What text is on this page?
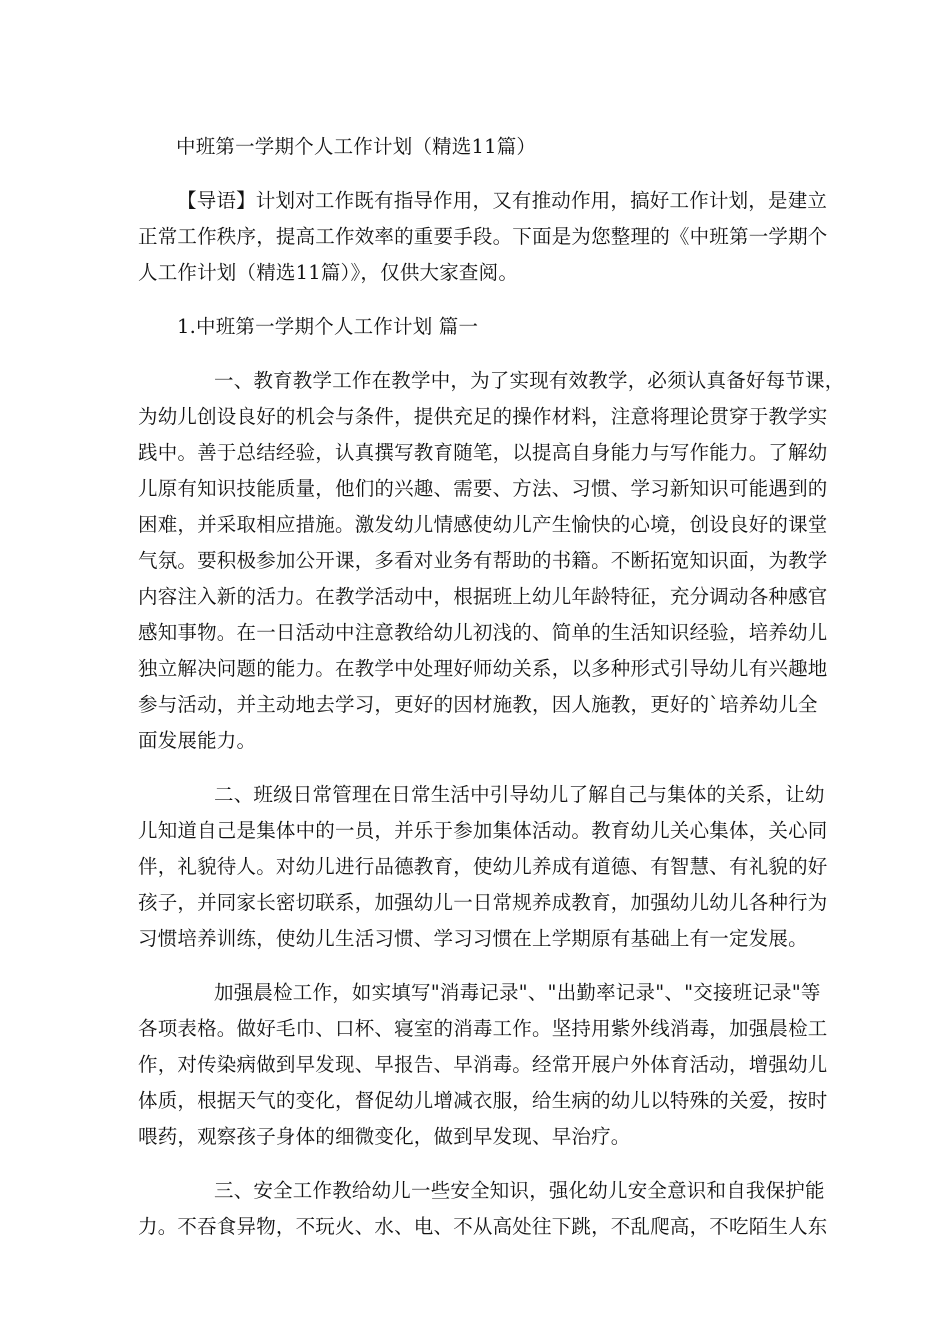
中班第一学期个人工作计划（精选11篇）
【导语】计划对工作既有指导作用，又有推动作用，搞好工作计划，是建立
正常工作秩序，提高工作效率的重要手段。下面是为您整理的《中班第一学期个
人工作计划（精选11篇）》，仅供大家查阅。
1.中班第一学期个人工作计划 篇一
一、教育教学工作在教学中，为了实现有效教学，必须认真备好每节课，
为幼儿创设良好的机会与条件，提供充足的操作材料，注意将理论贯穿于教学实
践中。善于总结经验，认真撰写教育随笔，以提高自身能力与写作能力。了解幼
儿原有知识技能质量，他们的兴趣、需要、方法、习惯、学习新知识可能遇到的
困难，并采取相应措施。激发幼儿情感使幼儿产生愉快的心境，创设良好的课堂
气氛。要积极参加公开课，多看对业务有帮助的书籍。不断拓宽知识面，为教学
内容注入新的活力。在教学活动中，根据班上幼儿年龄特征，充分调动各种感官
感知事物。在一日活动中注意教给幼儿初浅的、简单的生活知识经验，培养幼儿
独立解决问题的能力。在教学中处理好师幼关系，以多种形式引导幼儿有兴趣地
参与活动，并主动地去学习，更好的因材施教，因人施教，更好的`培养幼儿全
面发展能力。
二、班级日常管理在日常生活中引导幼儿了解自己与集体的关系，让幼
儿知道自己是集体中的一员，并乐于参加集体活动。教育幼儿关心集体，关心同
伴，礼貌待人。对幼儿进行品德教育，使幼儿养成有道德、有智慧、有礼貌的好
孩子，并同家长密切联系，加强幼儿一日常规养成教育，加强幼儿幼儿各种行为
习惯培养训练，使幼儿生活习惯、学习习惯在上学期原有基础上有一定发展。
加强晨检工作，如实填写"消毒记录"、"出勤率记录"、"交接班记录"等
各项表格。做好毛巾、口杯、寝室的消毒工作。坚持用紫外线消毒，加强晨检工
作，对传染病做到早发现、早报告、早消毒。经常开展户外体育活动，增强幼儿
体质，根据天气的变化，督促幼儿增减衣服，给生病的幼儿以特殊的关爱，按时
喂药，观察孩子身体的细微变化，做到早发现、早治疗。
三、安全工作教给幼儿一些安全知识，强化幼儿安全意识和自我保护能
力。不吞食异物，不玩火、水、电、不从高处往下跳，不乱爬高，不吃陌生人东
